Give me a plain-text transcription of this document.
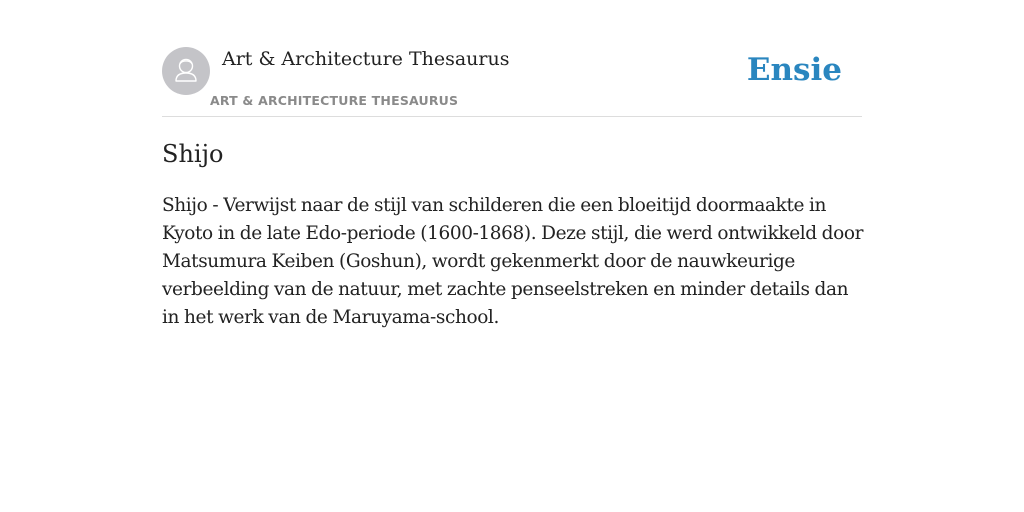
Art & Architecture Thesaurus
ART & ARCHITECTURE THESAURUS
Ensie
Shijo

Shijo - Verwijst naar de stijl van schilderen die een bloeitijd doormaakte in Kyoto in de late Edo-periode (1600-1868). Deze stijl, die werd ontwikkeld door Matsumura Keiben (Goshun), wordt gekenmerkt door de nauwkeurige verbeelding van de natuur, met zachte penseelstreken en minder details dan in het werk van de Maruyama-school.
